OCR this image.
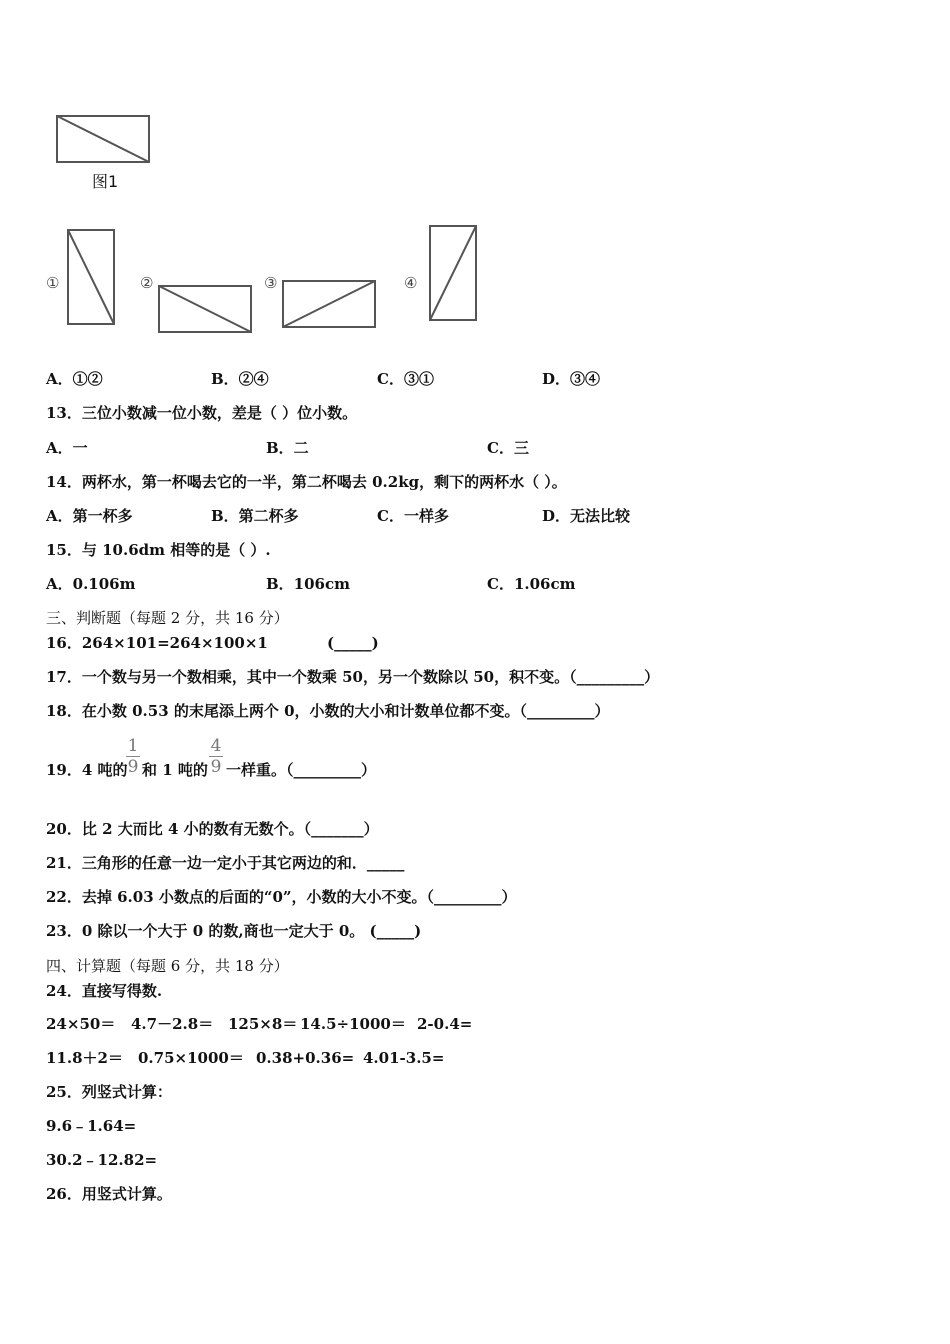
图1
①	②	③	④
A．①②	B．②④	C．③①	D．③④
13．三位小数减一位小数，差是（ ）位小数。
A．一	B．二	C．三
14．两杯水，第一杯喝去它的一半，第二杯喝去 0.2kg，剩下的两杯水（ ）。
A．第一杯多	B．第二杯多	C．一样多	D．无法比较
15．与 10.6dm 相等的是（ ）.
A．0.106m	B．106cm	C．1.06cm
三、判断题（每题 2 分，共 16 分）
16．264×101=264×100×1	(_____)
17．一个数与另一个数相乘，其中一个数乘 50，另一个数除以 50，积不变。（_________）
18．在小数 0.53 的末尾添上两个 0，小数的大小和计数单位都不变。（_________）
19．4 吨的
1
9 和 1 吨的
4
9 一样重。（_________）
20．比 2 大而比 4 小的数有无数个。（_______）
21．三角形的任意一边一定小于其它两边的和．_____
22．去掉 6.03 小数点的后面的“0”，小数的大小不变。（_________）
23．0 除以一个大于 0 的数,商也一定大于 0。 (_____)
四、计算题（每题 6 分，共 18 分）
24．直接写得数.
24×50＝ 4.7－2.8＝ 125×8＝ 14.5÷1000＝ 2-0.4=
11.8＋2＝ 0.75×1000＝ 0.38+0.36= 4.01-3.5=
25．列竖式计算：
9.6﹣1.64=
30.2﹣12.82=
26．用竖式计算。
